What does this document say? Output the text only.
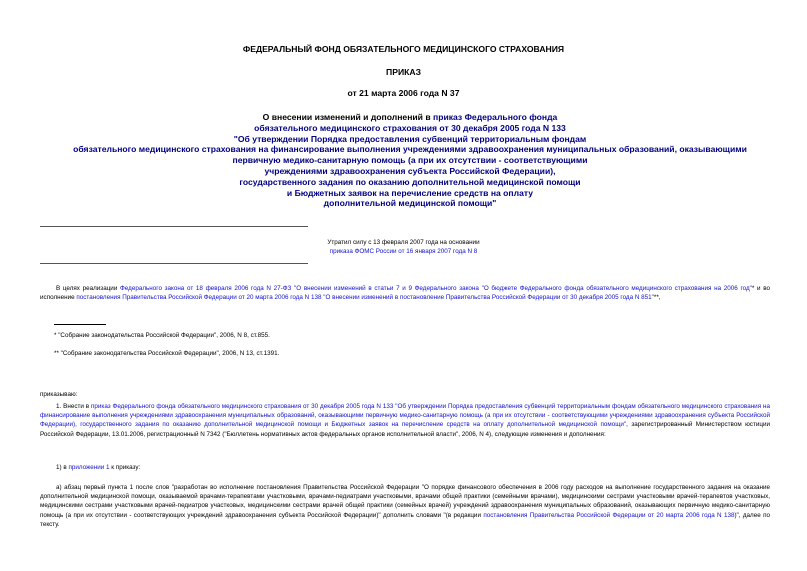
ФЕДЕРАЛЬНЫЙ ФОНД ОБЯЗАТЕЛЬНОГО МЕДИЦИНСКОГО СТРАХОВАНИЯ
ПРИКАЗ
от 21 марта 2006 года N 37
О внесении изменений и дополнений в приказ Федерального фонда
обязательного медицинского страхования от 30 декабря 2005 года N 133
"Об утверждении Порядка предоставления субвенций территориальным фондам
обязательного медицинского страхования на финансирование выполнения учреждениями здравоохранения муниципальных образований, оказывающими
первичную медико-санитарную помощь (а при их отсутствии - соответствующими
учреждениями здравоохранения субъекта Российской Федерации),
государственного задания по оказанию дополнительной медицинской помощи
и Бюджетных заявок на перечисление средств на оплату
дополнительной медицинской помощи"
Утратил силу с 13 февраля 2007 года на основании
приказа ФОМС России от 16 января 2007 года N 8
В целях реализации Федерального закона от 18 февраля 2006 года N 27-ФЗ "О внесении изменений в статьи 7 и 9 Федерального закона "О бюджете Федерального фонда обязательного медицинского страхования на 2006 год"* и во исполнение постановления Правительства Российской Федерации от 20 марта 2006 года N 138 "О внесении изменений в постановление Правительства Российской Федерации от 30 декабря 2005 года N 851"**,
* "Собрание законодательства Российской Федерации", 2006, N 8, ст.855.
** "Собрание законодательства Российской Федерации", 2006, N 13, ст.1391.
приказываю:
1. Внести в приказ Федерального фонда обязательного медицинского страхования от 30 декабря 2005 года N 133 "Об утверждении Порядка предоставления субвенций территориальным фондам обязательного медицинского страхования на финансирование выполнения учреждениями здравоохранения муниципальных образований, оказывающими первичную медико-санитарную помощь (а при их отсутствии - соответствующими учреждениями здравоохранения субъекта Российской Федерации), государственного задания по оказанию дополнительной медицинской помощи и Бюджетных заявок на перечисление средств на оплату дополнительной медицинской помощи", зарегистрированный Министерством юстиции Российской Федерации, 13.01.2006, регистрационный N 7342 ("Бюллетень нормативных актов федеральных органов исполнительной власти", 2006, N 4), следующие изменения и дополнения:
1) в приложении 1 к приказу:
а) абзац первый пункта 1 после слов "разработан во исполнение постановления Правительства Российской Федерации "О порядке финансового обеспечения в 2006 году расходов на выполнение государственного задания на оказание дополнительной медицинской помощи, оказываемой врачами-терапевтами участковыми, врачами-педиатрами участковыми, врачами общей практики (семейными врачами), медицинскими сестрами участковыми врачей-терапевтов участковых, медицинскими сестрами участковыми врачей-педиатров участковых, медицинскими сестрами врачей общей практики (семейных врачей) учреждений здравоохранения муниципальных образований, оказывающих первичную медико-санитарную помощь (а при их отсутствии - соответствующих учреждений здравоохранения субъекта Российской Федерации)" дополнить словами "(в редакции постановления Правительства Российской Федерации от 20 марта 2006 года N 138)", далее по тексту.
